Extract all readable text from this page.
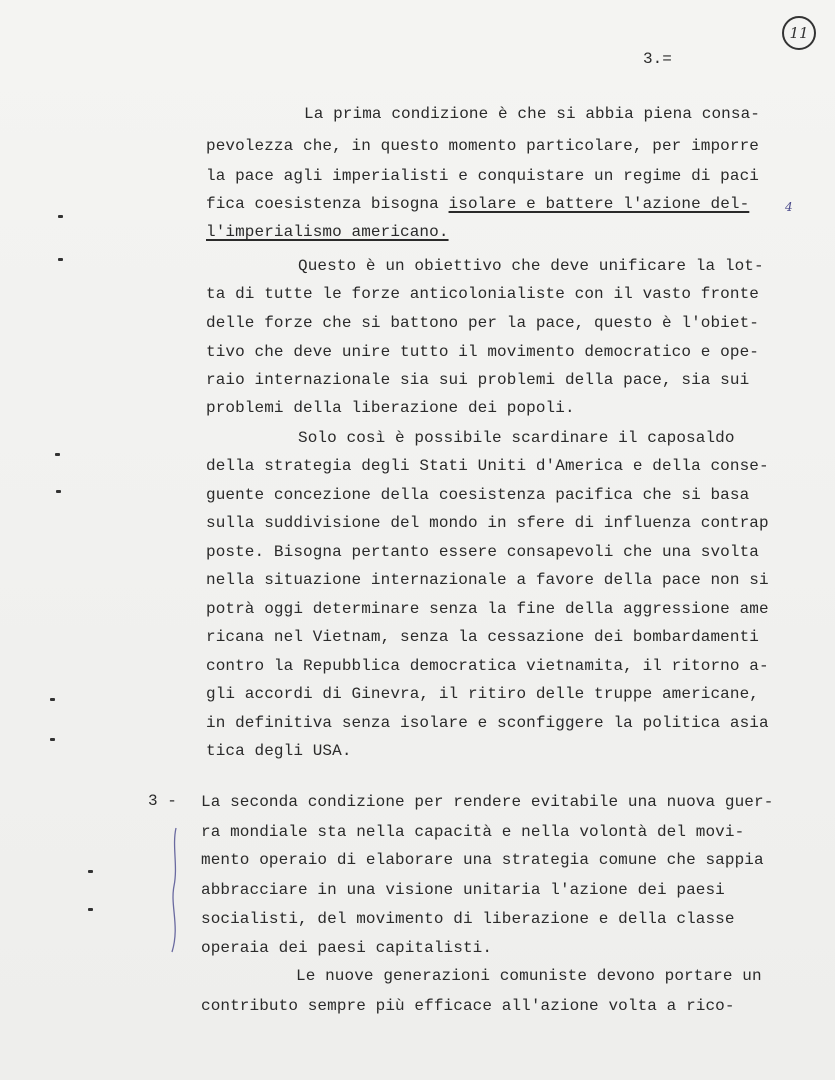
11
3.=
La prima condizione è che si abbia piena consa-
pevolezza che, in questo momento particolare, per imporre
la pace agli imperialisti e conquistare un regime di paci
fica coesistenza bisogna isolare e battere l'azione del-
l'imperialismo americano.
4
Questo è un obiettivo che deve unificare la lot-
ta di tutte le forze anticolonialiste con il vasto fronte
delle forze che si battono per la pace, questo è l'obiet-
tivo che deve unire tutto il movimento democratico e ope-
raio internazionale sia sui problemi della pace, sia sui
problemi della liberazione dei popoli.
Solo così è possibile scardinare il caposaldo
della strategia degli Stati Uniti d'America e della conse-
guente concezione della coesistenza pacifica che si basa
sulla suddivisione del mondo in sfere di influenza contrap
poste. Bisogna pertanto essere consapevoli che una svolta
nella situazione internazionale a favore della pace non si
potrà oggi determinare senza la fine della aggressione ame
ricana nel Vietnam, senza la cessazione dei bombardamenti
contro la Repubblica democratica vietnamita, il ritorno a-
gli accordi di Ginevra, il ritiro delle truppe americane,
in definitiva senza isolare e sconfiggere la politica asia
tica degli USA.
3 - La seconda condizione per rendere evitabile una nuova guer-
ra mondiale sta nella capacità e nella volontà del movi-
mento operaio di elaborare una strategia comune che sappia
abbracciare in una visione unitaria l'azione dei paesi
socialisti, del movimento di liberazione e della classe
operaia dei paesi capitalisti.
Le nuove generazioni comuniste devono portare un
contributo sempre più efficace all'azione volta a rico-
